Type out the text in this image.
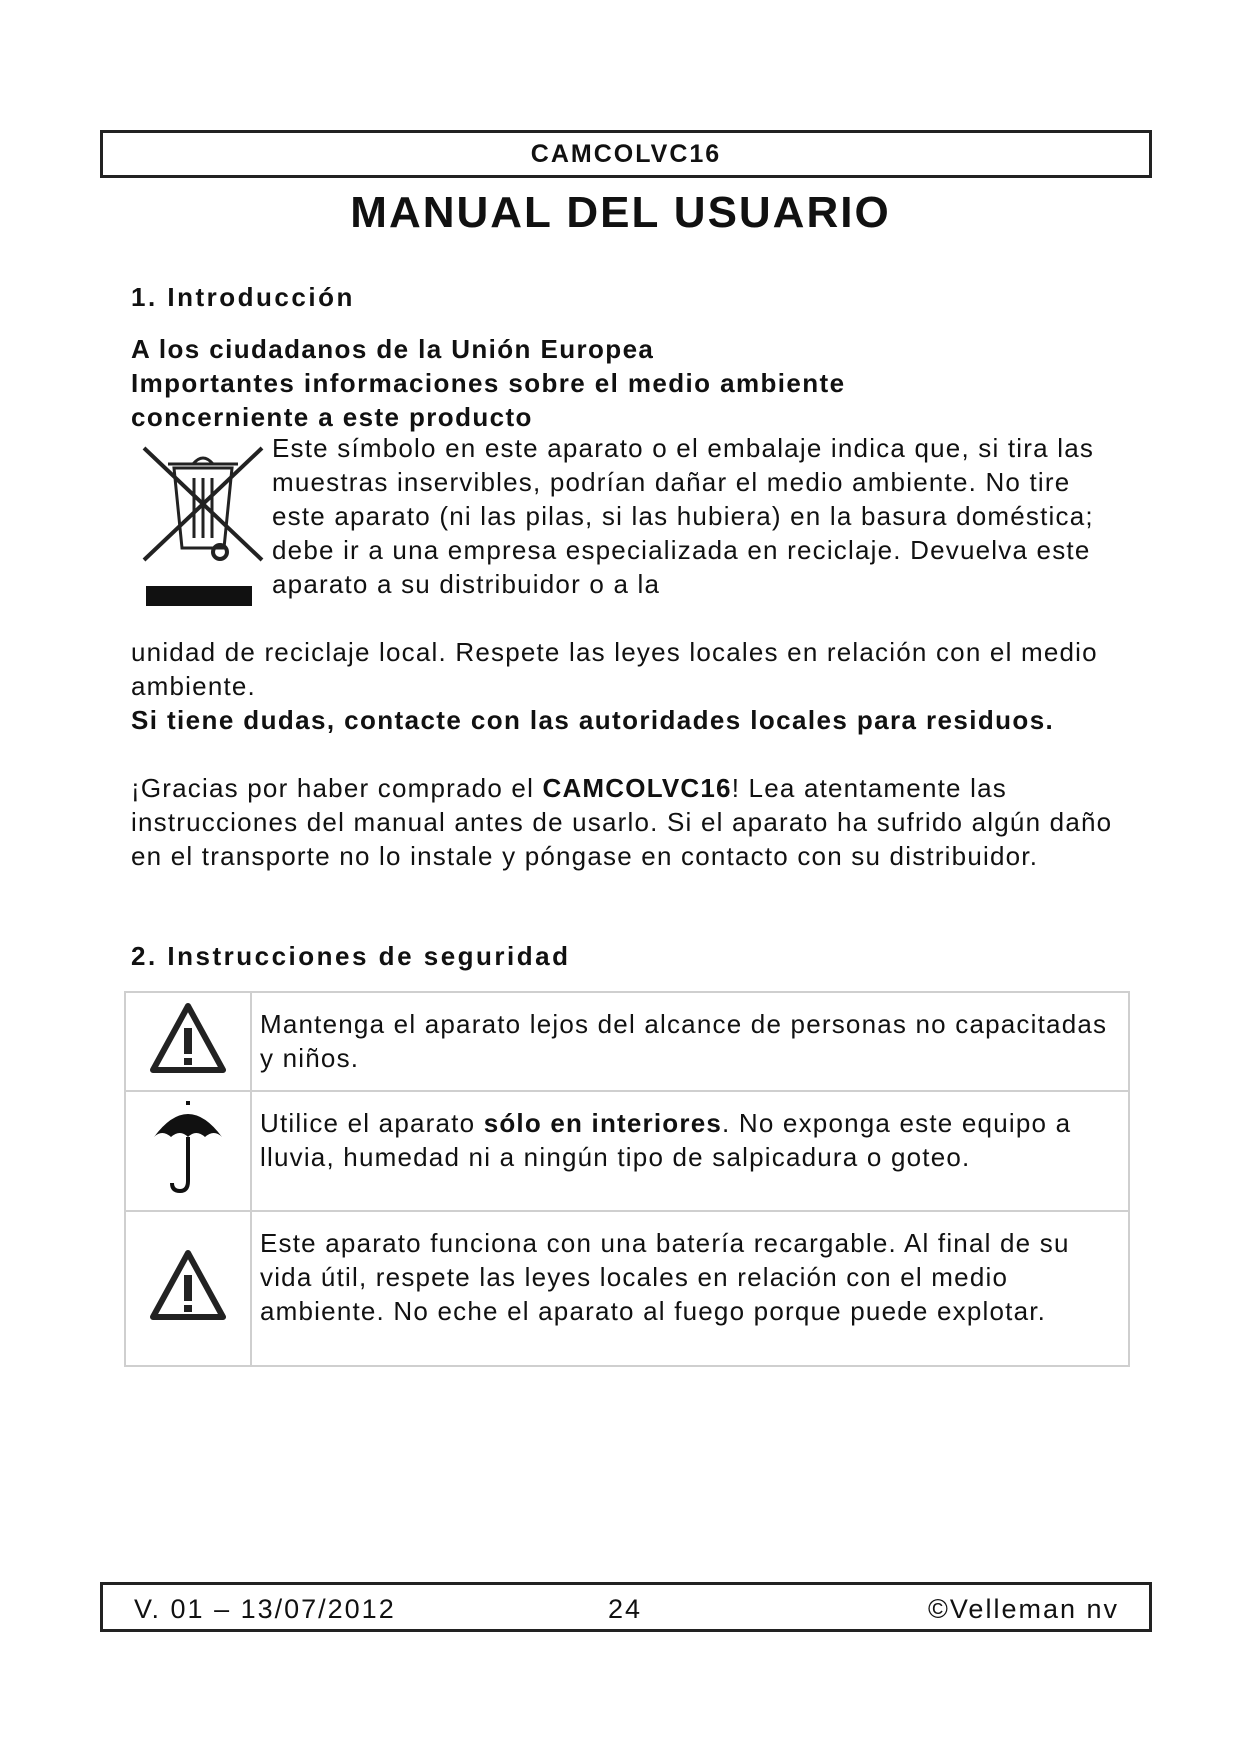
CAMCOLVC16
MANUAL DEL USUARIO
1. Introducción
A los ciudadanos de la Unión Europea
Importantes informaciones sobre el medio ambiente concerniente a este producto
Este símbolo en este aparato o el embalaje indica que, si tira las muestras inservibles, podrían dañar el medio ambiente. No tire este aparato (ni las pilas, si las hubiera) en la basura doméstica; debe ir a una empresa especializada en reciclaje. Devuelva este aparato a su distribuidor o a la
unidad de reciclaje local. Respete las leyes locales en relación con el medio ambiente.
Si tiene dudas, contacte con las autoridades locales para residuos.
¡Gracias por haber comprado el CAMCOLVC16! Lea atentamente las instrucciones del manual antes de usarlo. Si el aparato ha sufrido algún daño en el transporte no lo instale y póngase en contacto con su distribuidor.
2. Instrucciones de seguridad
	Mantenga el aparato lejos del alcance de personas no capacitadas y niños.
	Utilice el aparato sólo en interiores. No exponga este equipo a lluvia, humedad ni a ningún tipo de salpicadura o goteo.
	Este aparato funciona con una batería recargable. Al final de su vida útil, respete las leyes locales en relación con el medio ambiente. No eche el aparato al fuego porque puede explotar.
V. 01 – 13/07/2012	24	©Velleman nv
